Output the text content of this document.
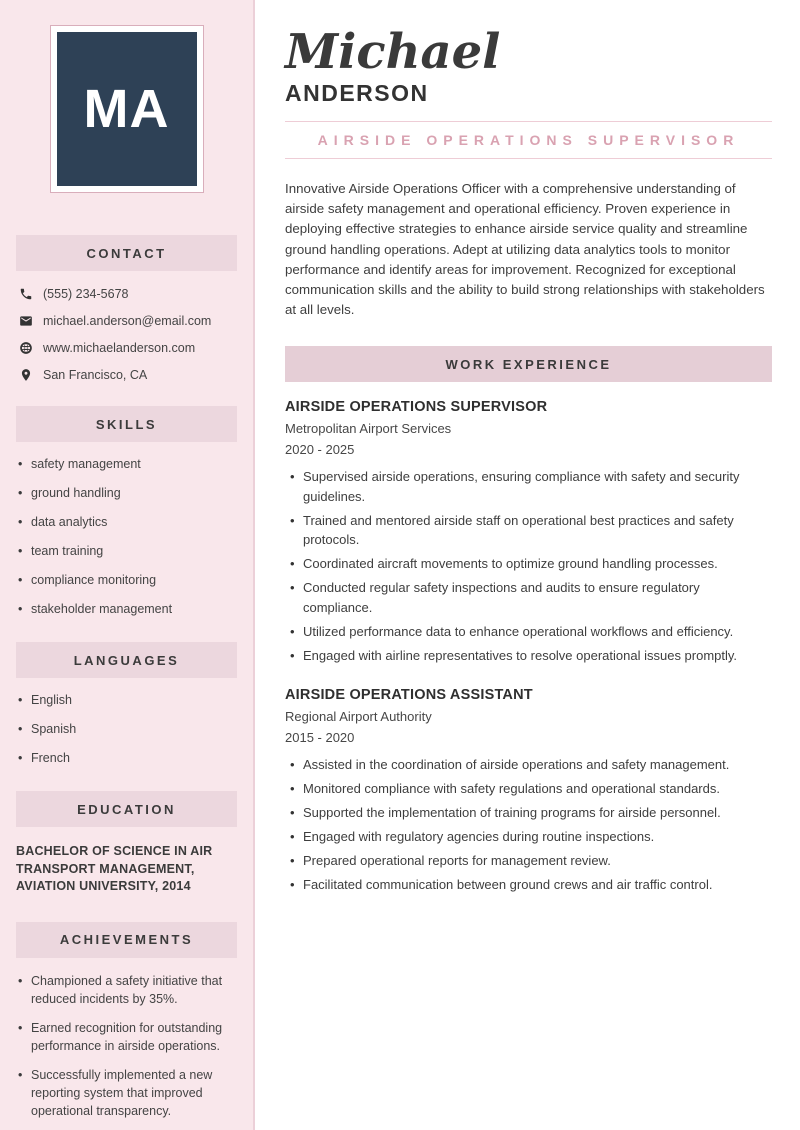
MA
CONTACT
(555) 234-5678
michael.anderson@email.com
www.michaelanderson.com
San Francisco, CA
SKILLS
• safety management
• ground handling
• data analytics
• team training
• compliance monitoring
• stakeholder management
LANGUAGES
• English
• Spanish
• French
EDUCATION
BACHELOR OF SCIENCE IN AIR TRANSPORT MANAGEMENT, AVIATION UNIVERSITY, 2014
ACHIEVEMENTS
• Championed a safety initiative that reduced incidents by 35%.
• Earned recognition for outstanding performance in airside operations.
• Successfully implemented a new reporting system that improved operational transparency.
Michael
ANDERSON
AIRSIDE OPERATIONS SUPERVISOR

Innovative Airside Operations Officer with a comprehensive understanding of airside safety management and operational efficiency. Proven experience in deploying effective strategies to enhance airside service quality and streamline ground handling operations. Adept at utilizing data analytics tools to monitor performance and identify areas for improvement. Recognized for exceptional communication skills and the ability to build strong relationships with stakeholders at all levels.

WORK EXPERIENCE
AIRSIDE OPERATIONS SUPERVISOR
Metropolitan Airport Services
2020 - 2025
• Supervised airside operations, ensuring compliance with safety and security guidelines.
• Trained and mentored airside staff on operational best practices and safety protocols.
• Coordinated aircraft movements to optimize ground handling processes.
• Conducted regular safety inspections and audits to ensure regulatory compliance.
• Utilized performance data to enhance operational workflows and efficiency.
• Engaged with airline representatives to resolve operational issues promptly.
AIRSIDE OPERATIONS ASSISTANT
Regional Airport Authority
2015 - 2020
• Assisted in the coordination of airside operations and safety management.
• Monitored compliance with safety regulations and operational standards.
• Supported the implementation of training programs for airside personnel.
• Engaged with regulatory agencies during routine inspections.
• Prepared operational reports for management review.
• Facilitated communication between ground crews and air traffic control.
